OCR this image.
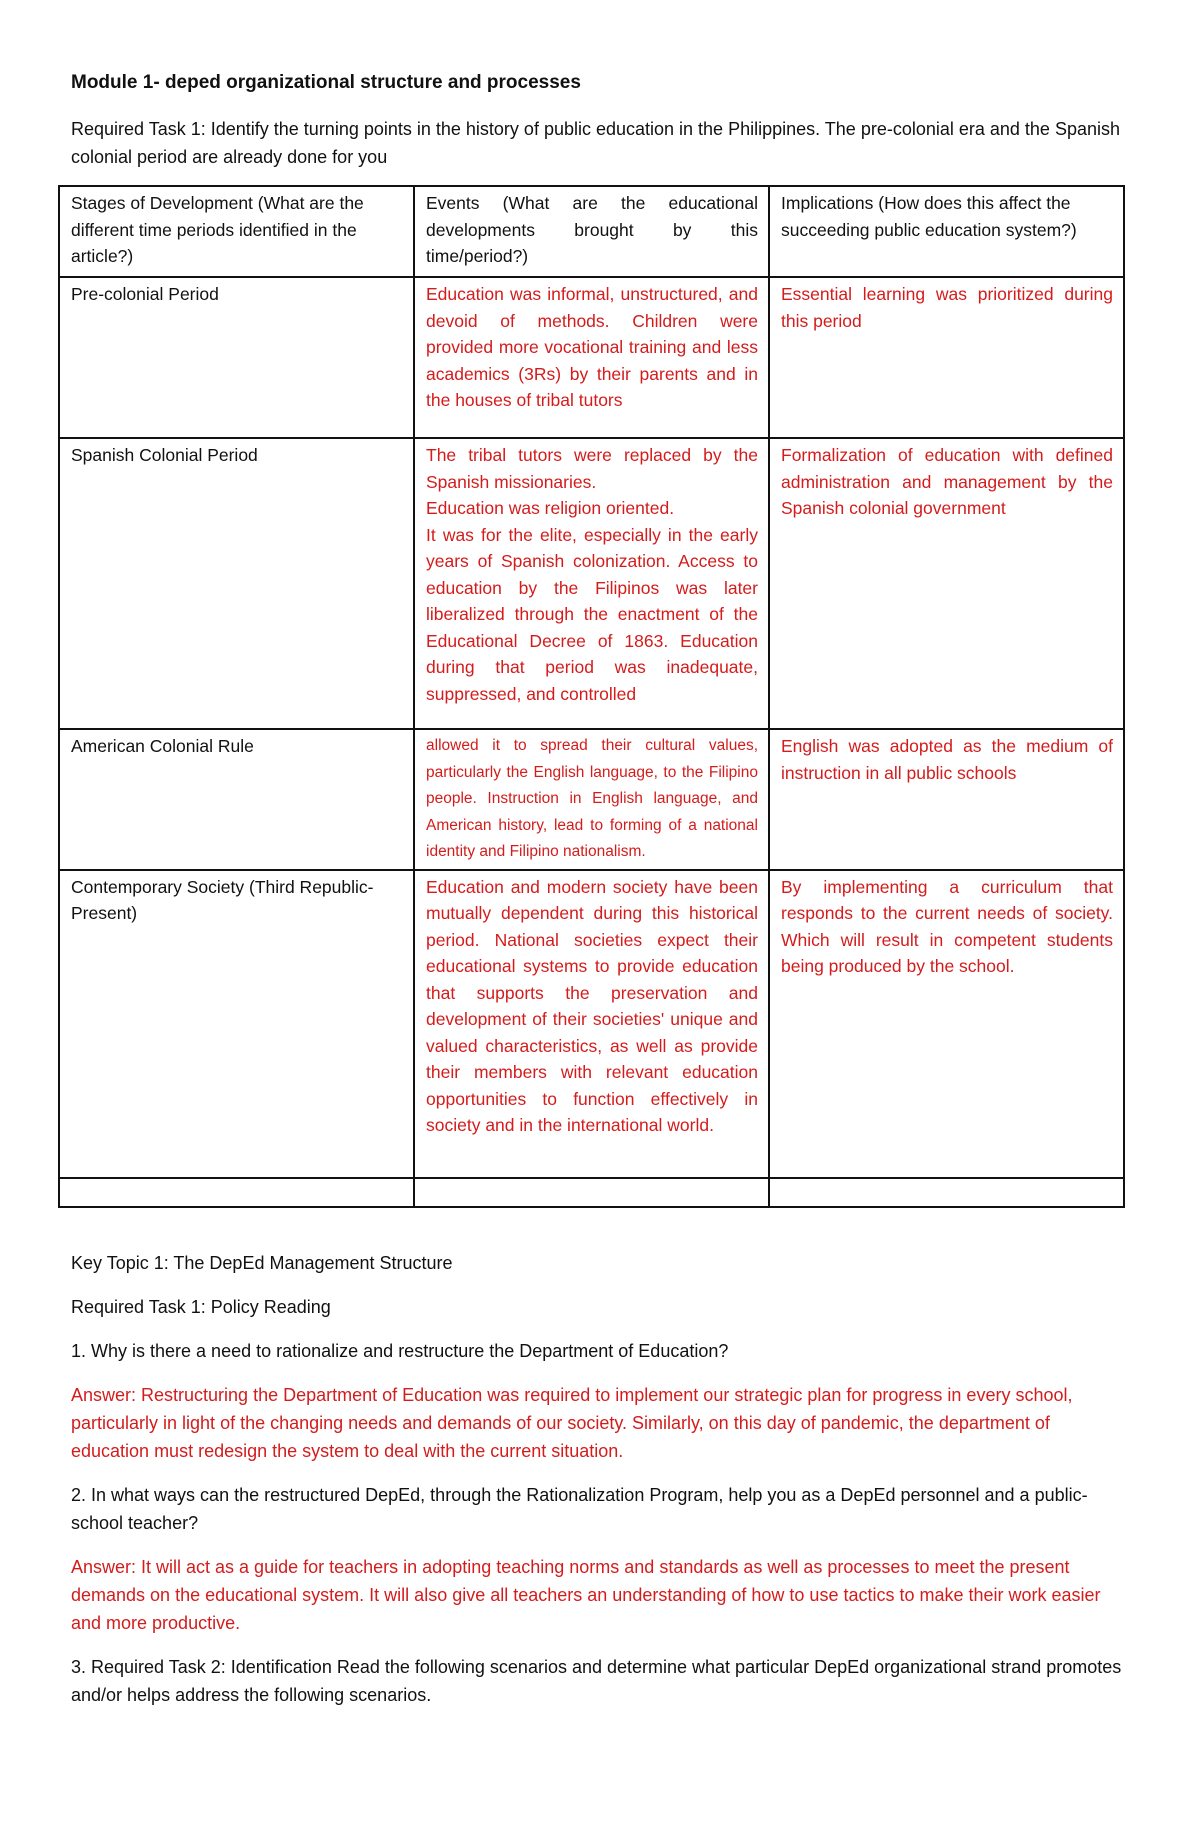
Module 1- deped organizational structure and processes
Required Task 1: Identify the turning points in the history of public education in the Philippines. The pre-colonial era and the Spanish colonial period are already done for you
Stages of Development (What are the different time periods identified in the article?)	Events (What are the educational developments brought by this time/period?)	Implications (How does this affect the succeeding public education system?)
Pre-colonial Period	Education was informal, unstructured, and devoid of methods. Children were provided more vocational training and less academics (3Rs) by their parents and in the houses of tribal tutors	Essential learning was prioritized during this period
Spanish Colonial Period	The tribal tutors were replaced by the Spanish missionaries.
Education was religion oriented.
It was for the elite, especially in the early years of Spanish colonization. Access to education by the Filipinos was later liberalized through the enactment of the Educational Decree of 1863. Education during that period was inadequate, suppressed, and controlled	Formalization of education with defined administration and management by the Spanish colonial government
American Colonial Rule	allowed it to spread their cultural values, particularly the English language, to the Filipino people. Instruction in English language, and American history, lead to forming of a national identity and Filipino nationalism.	English was adopted as the medium of instruction in all public schools
Contemporary Society (Third Republic-Present)	Education and modern society have been mutually dependent during this historical period. National societies expect their educational systems to provide education that supports the preservation and development of their societies' unique and valued characteristics, as well as provide their members with relevant education opportunities to function effectively in society and in the international world.	By implementing a curriculum that responds to the current needs of society. Which will result in competent students being produced by the school.

Key Topic 1: The DepEd Management Structure

Required Task 1: Policy Reading

1. Why is there a need to rationalize and restructure the Department of Education?

Answer: Restructuring the Department of Education was required to implement our strategic plan for progress in every school, particularly in light of the changing needs and demands of our society. Similarly, on this day of pandemic, the department of education must redesign the system to deal with the current situation.

2. In what ways can the restructured DepEd, through the Rationalization Program, help you as a DepEd personnel and a public-school teacher?

Answer: It will act as a guide for teachers in adopting teaching norms and standards as well as processes to meet the present demands on the educational system. It will also give all teachers an understanding of how to use tactics to make their work easier and more productive.

3. Required Task 2: Identification Read the following scenarios and determine what particular DepEd organizational strand promotes and/or helps address the following scenarios.
